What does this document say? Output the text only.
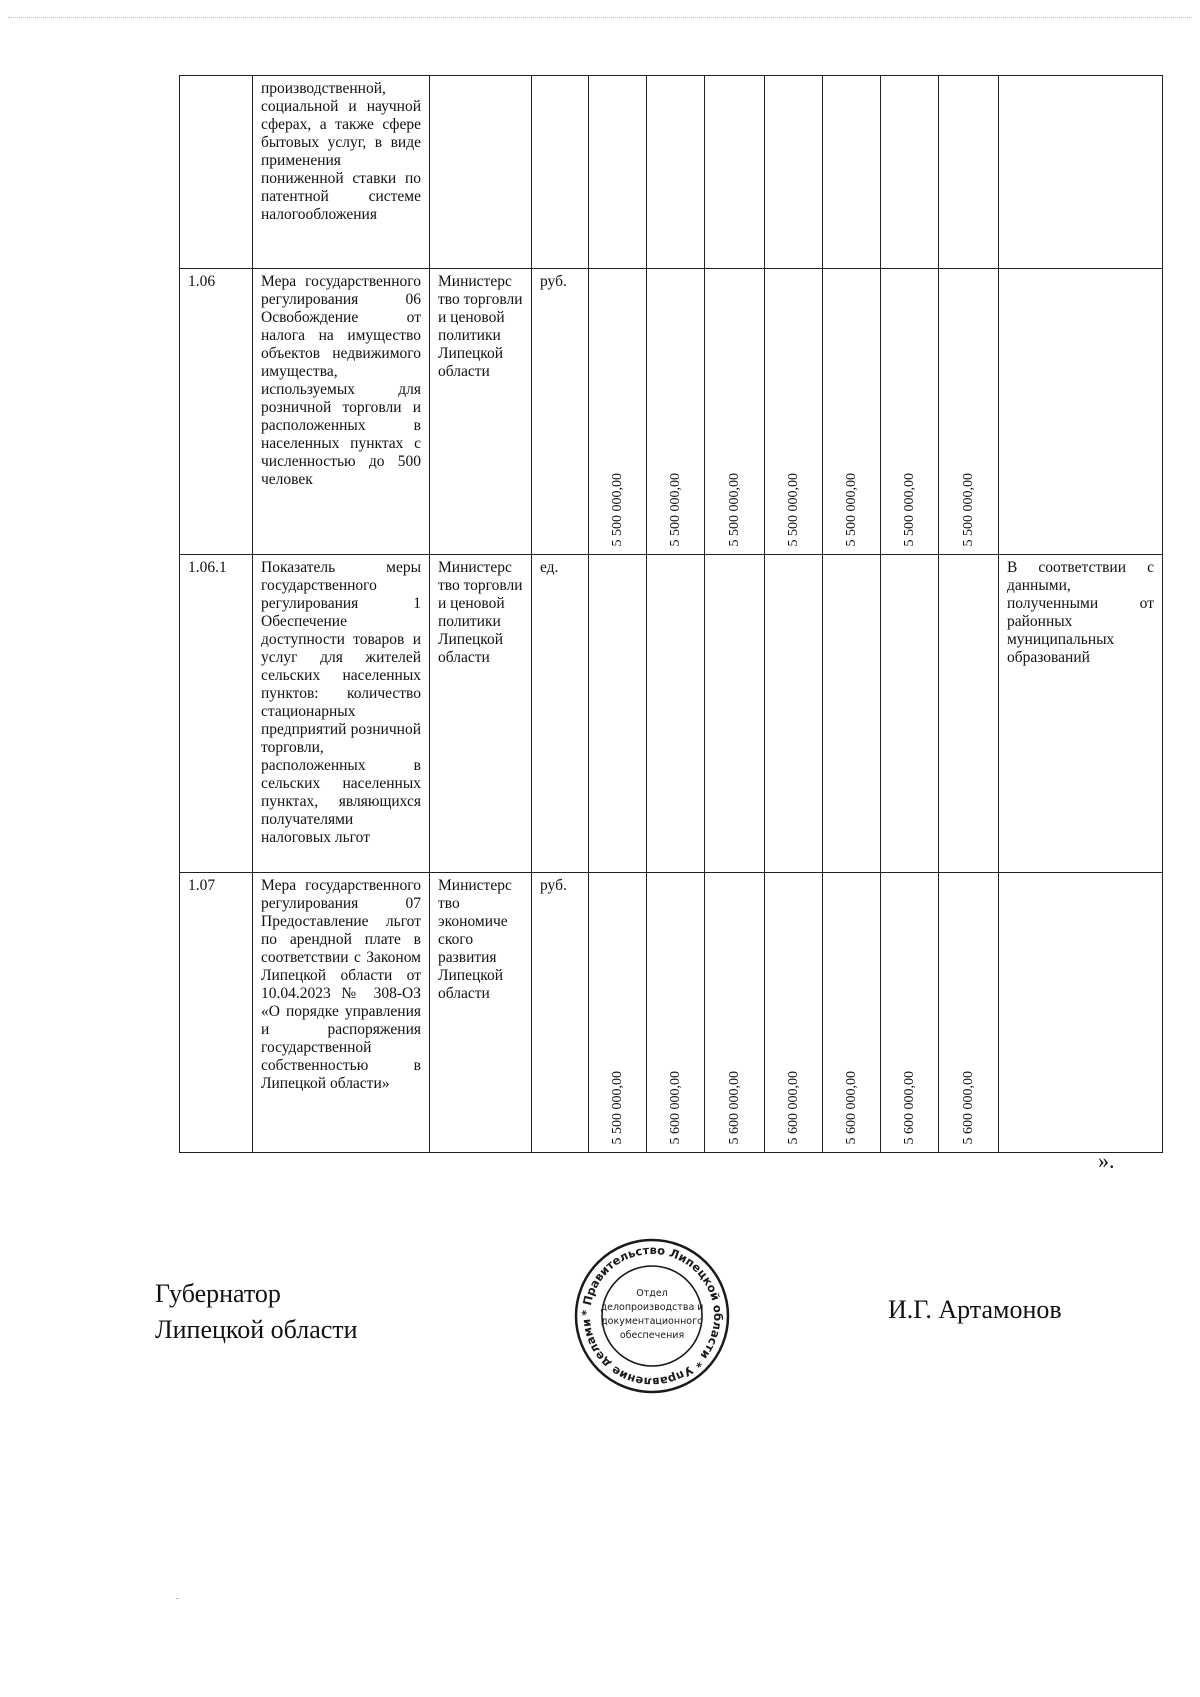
	производственной, социальной и научной сферах, а также сфере бытовых услуг, в виде применения пониженной ставки по патентной системе налогообложения			

1.06	Мера государственного регулирования 06 Освобождение от налога на имущество объектов недвижимого имущества, используемых для розничной торговли и расположенных в населенных пунктах с численностью до 500 человек	Министерс тво торговли и ценовой политики Липецкой области	руб.	5 500 000,00	5 500 000,00	5 500 000,00	5 500 000,00	5 500 000,00	5 500 000,00	5 500 000,00	

1.06.1	Показатель меры государственного регулирования 1 Обеспечение доступности товаров и услуг для жителей сельских населенных пунктов: количество стационарных предприятий розничной торговли, расположенных в сельских населенных пунктах, являющихся получателями налоговых льгот	Министерс тво торговли и ценовой политики Липецкой области	ед.								В соответствии с данными, полученными от районных муниципальных образований
1.07	Мера государственного регулирования 07 Предоставление льгот по арендной плате в соответствии с Законом Липецкой области от 10.04.2023 № 308-ОЗ «О порядке управления и распоряжения государственной собственностью в Липецкой области»	Министерс тво экономиче ского развития Липецкой области	руб.	5 500 000,00	5 600 000,00	5 600 000,00	5 600 000,00	5 600 000,00	5 600 000,00	5 600 000,00	

».
Губернатор
Липецкой области
* Правительство Липецкой области * Управление делами
Отдел
делопроизводства и
документационного
обеспечения
И.Г. Артамонов
